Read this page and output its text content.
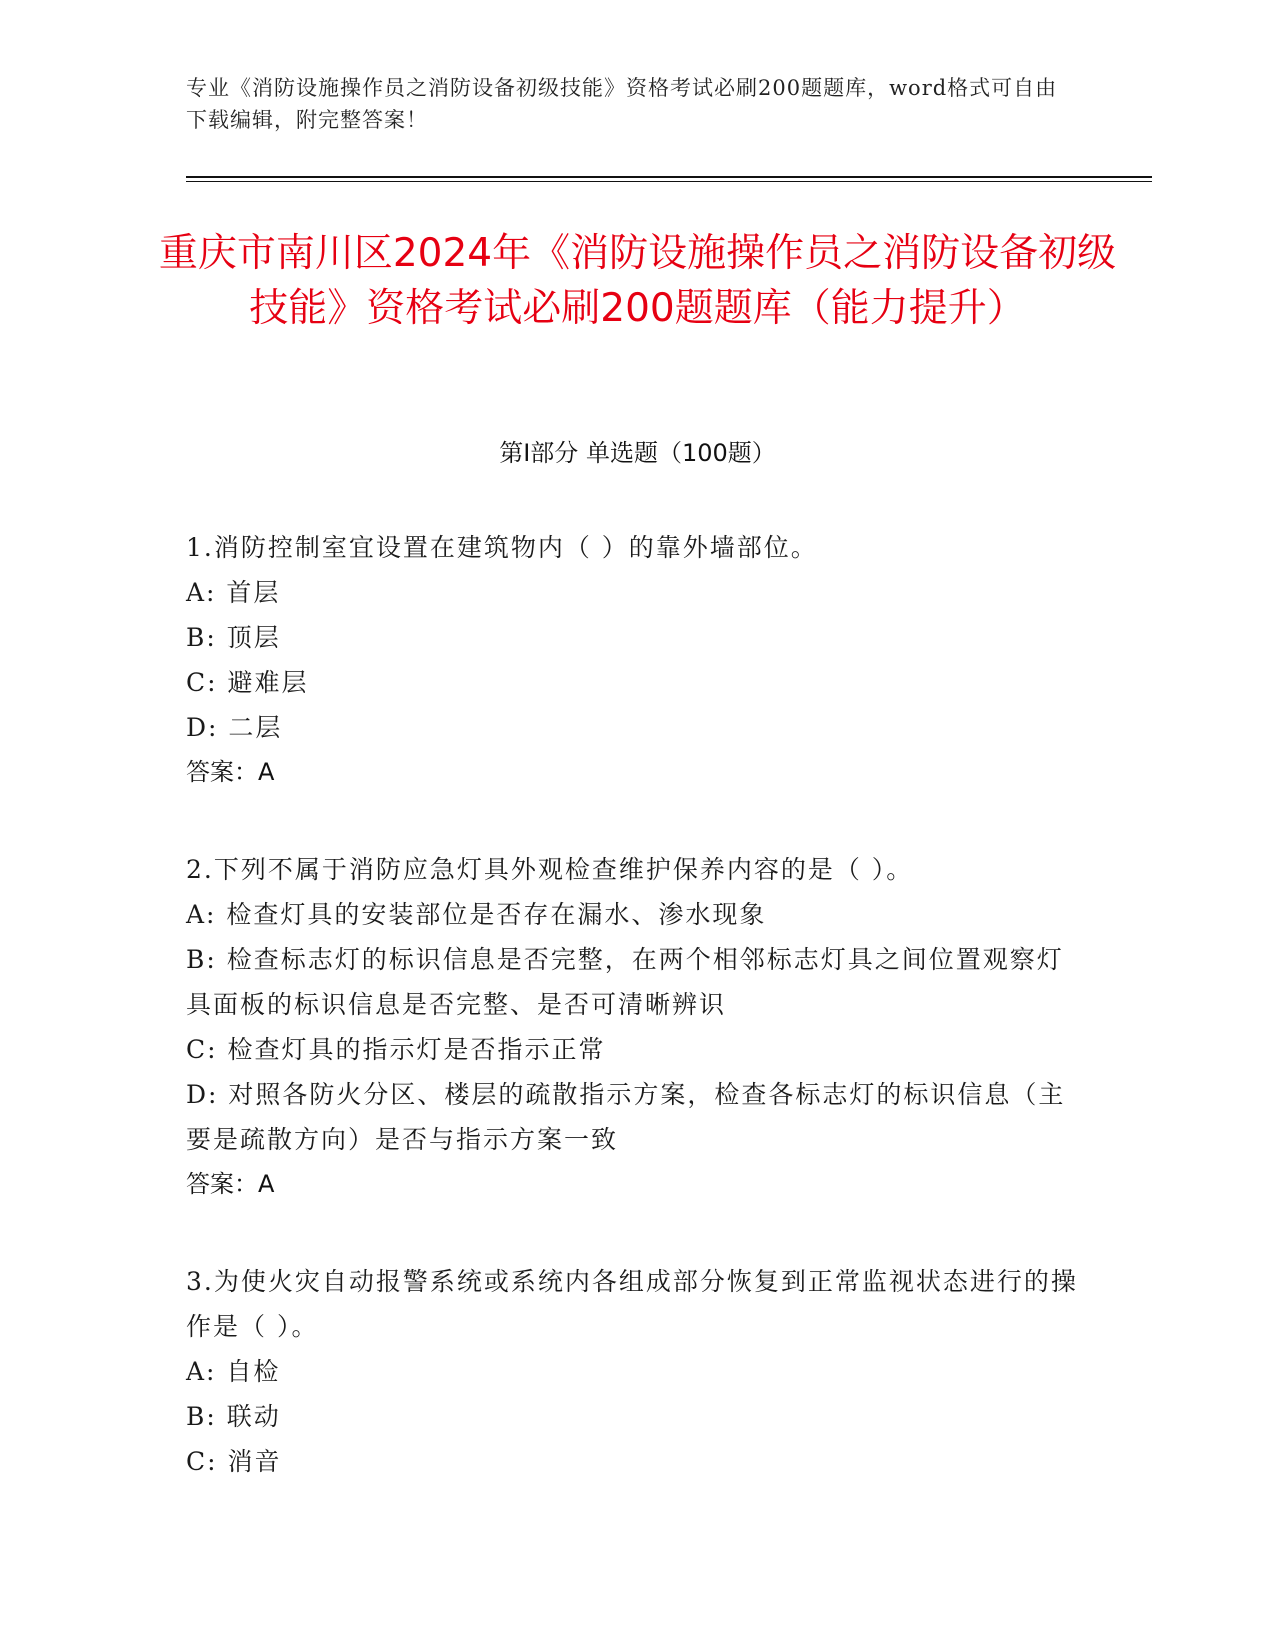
专业《消防设施操作员之消防设备初级技能》资格考试必刷200题题库，word格式可自由下载编辑，附完整答案！
重庆市南川区2024年《消防设施操作员之消防设备初级技能》资格考试必刷200题题库（能力提升）
第I部分 单选题（100题）
1.消防控制室宜设置在建筑物内（ ）的靠外墙部位。
A: 首层
B: 顶层
C: 避难层
D: 二层
答案：A
2.下列不属于消防应急灯具外观检查维护保养内容的是（ ）。
A: 检查灯具的安装部位是否存在漏水、渗水现象
B: 检查标志灯的标识信息是否完整，在两个相邻标志灯具之间位置观察灯具面板的标识信息是否完整、是否可清晰辨识
C: 检查灯具的指示灯是否指示正常
D: 对照各防火分区、楼层的疏散指示方案，检查各标志灯的标识信息（主要是疏散方向）是否与指示方案一致
答案：A
3.为使火灾自动报警系统或系统内各组成部分恢复到正常监视状态进行的操作是（ ）。
A: 自检
B: 联动
C: 消音
